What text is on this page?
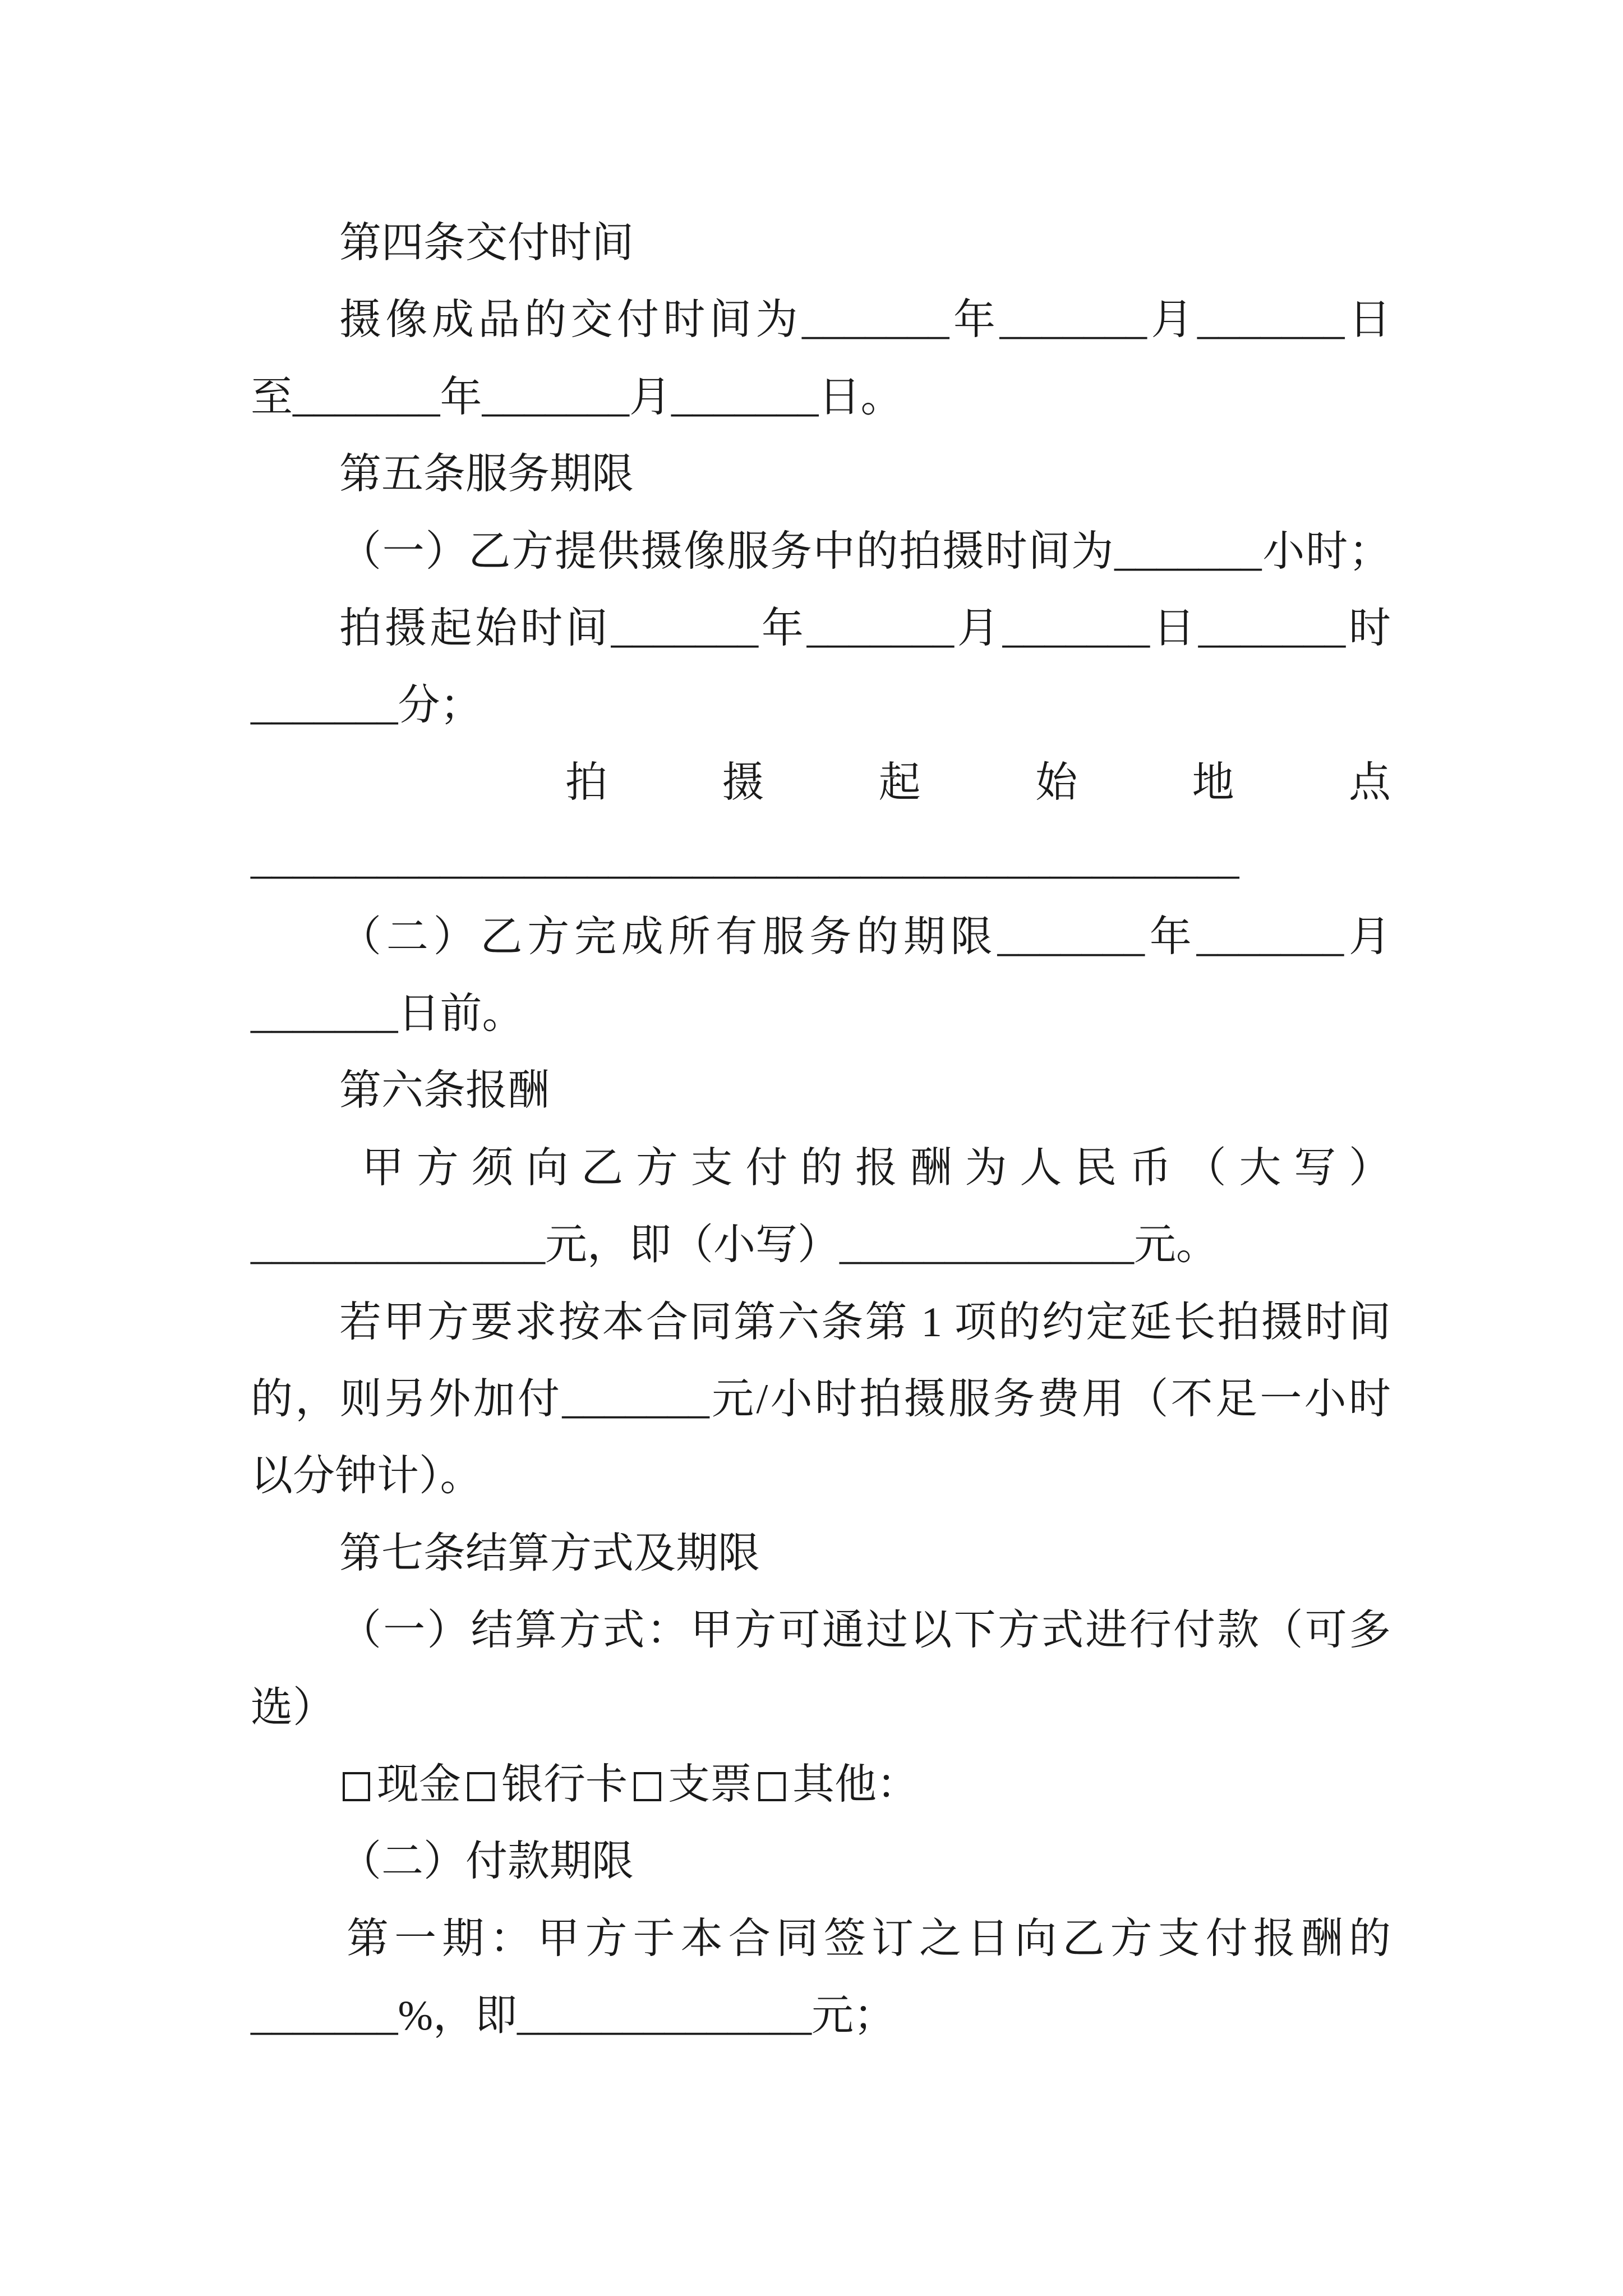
第四条交付时间
摄像成品的交付时间为_______年_______月_______日
至_______年_______月_______日。
第五条服务期限
（一）乙方提供摄像服务中的拍摄时间为_______小时；
拍摄起始时间_______年_______月_______日_______时
_______分；
拍摄起始地点
_______________________________________________
（二）乙方完成所有服务的期限_______年_______月
_______日前。
第六条报酬
甲方须向乙方支付的报酬为人民币（大写）
______________元，即（小写）______________元。
若甲方要求按本合同第六条第 1 项的约定延长拍摄时间
的，则另外加付_______元/小时拍摄服务费用（不足一小时
以分钟计）。
第七条结算方式及期限
（一）结算方式：甲方可通过以下方式进行付款（可多
选）
现金 银行卡 支票 其他：
（二）付款期限
第一期：甲方于本合同签订之日向乙方支付报酬的
_______%，即______________元；
